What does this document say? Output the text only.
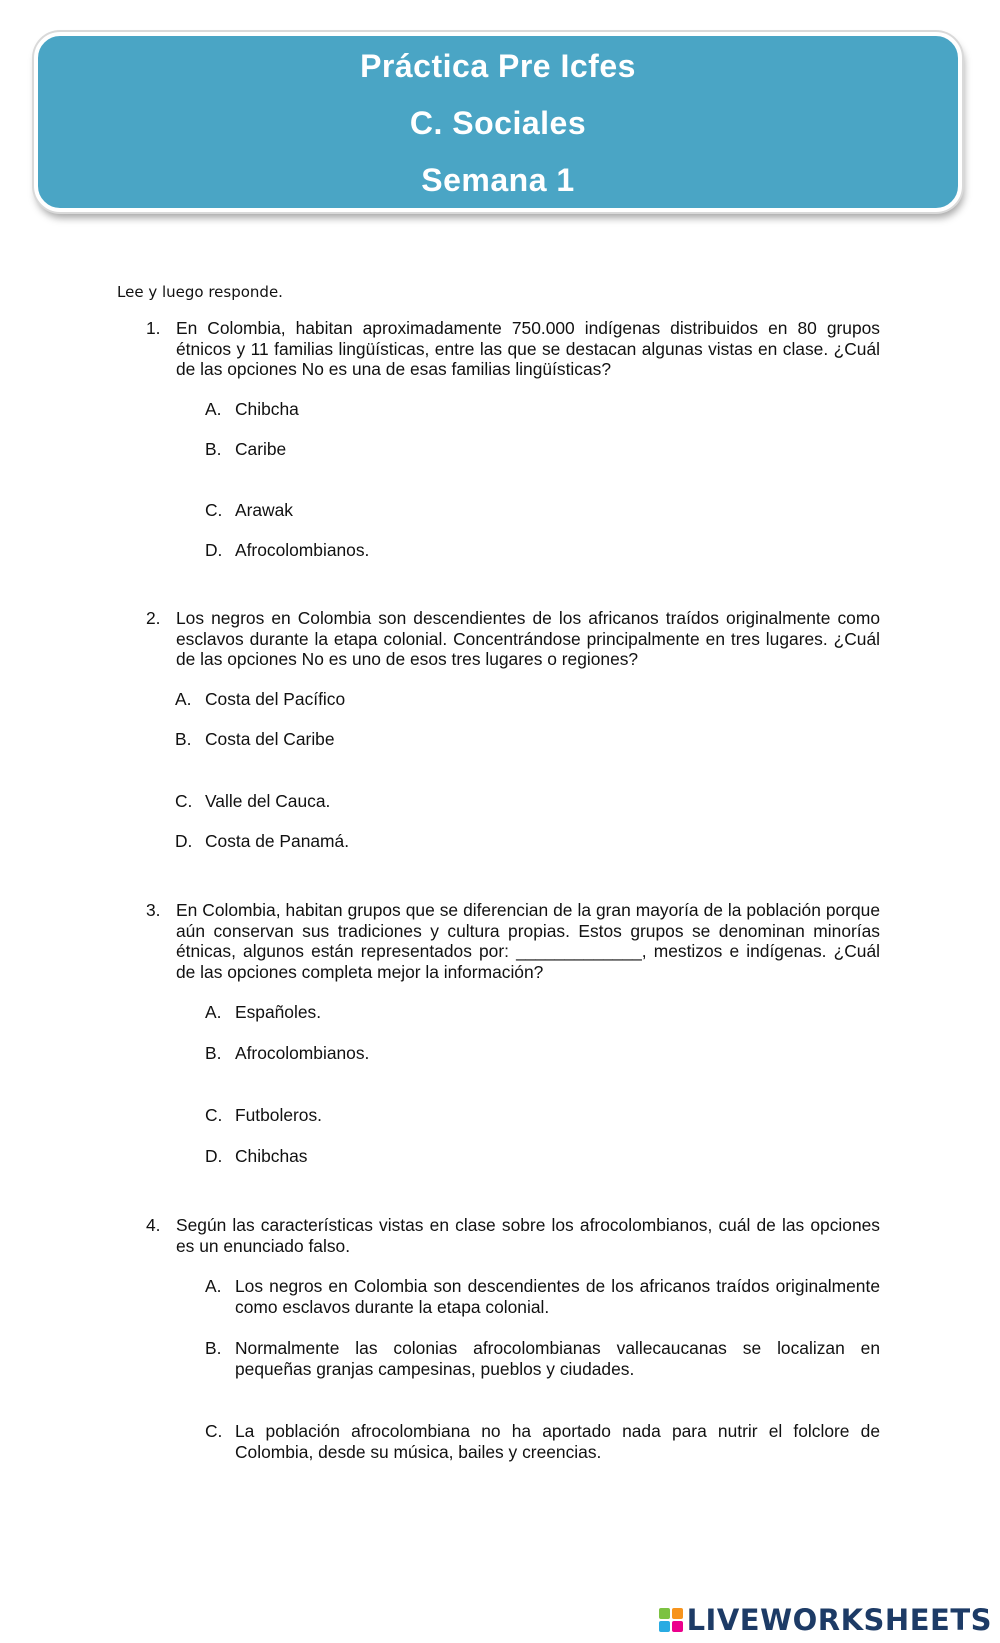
Práctica Pre Icfes
C. Sociales
Semana 1
Lee y luego responde.
1. En Colombia, habitan aproximadamente 750.000 indígenas distribuidos en 80 grupos étnicos y 11 familias lingüísticas, entre las que se destacan algunas vistas en clase. ¿Cuál de las opciones No es una de esas familias lingüísticas?
A. Chibcha
B. Caribe
C. Arawak
D. Afrocolombianos.
2. Los negros en Colombia son descendientes de los africanos traídos originalmente como esclavos durante la etapa colonial. Concentrándose principalmente en tres lugares. ¿Cuál de las opciones No es uno de esos tres lugares o regiones?
A. Costa del Pacífico
B. Costa del Caribe
C. Valle del Cauca.
D. Costa de Panamá.
3. En Colombia, habitan grupos que se diferencian de la gran mayoría de la población porque aún conservan sus tradiciones y cultura propias. Estos grupos se denominan minorías étnicas, algunos están representados por: _____________, mestizos e indígenas. ¿Cuál de las opciones completa mejor la información?
A. Españoles.
B. Afrocolombianos.
C. Futboleros.
D. Chibchas
4. Según las características vistas en clase sobre los afrocolombianos, cuál de las opciones es un enunciado falso.
A. Los negros en Colombia son descendientes de los africanos traídos originalmente como esclavos durante la etapa colonial.
B. Normalmente las colonias afrocolombianas vallecaucanas se localizan en pequeñas granjas campesinas, pueblos y ciudades.
C. La población afrocolombiana no ha aportado nada para nutrir el folclore de Colombia, desde su música, bailes y creencias.
LIVEWORKSHEETS
